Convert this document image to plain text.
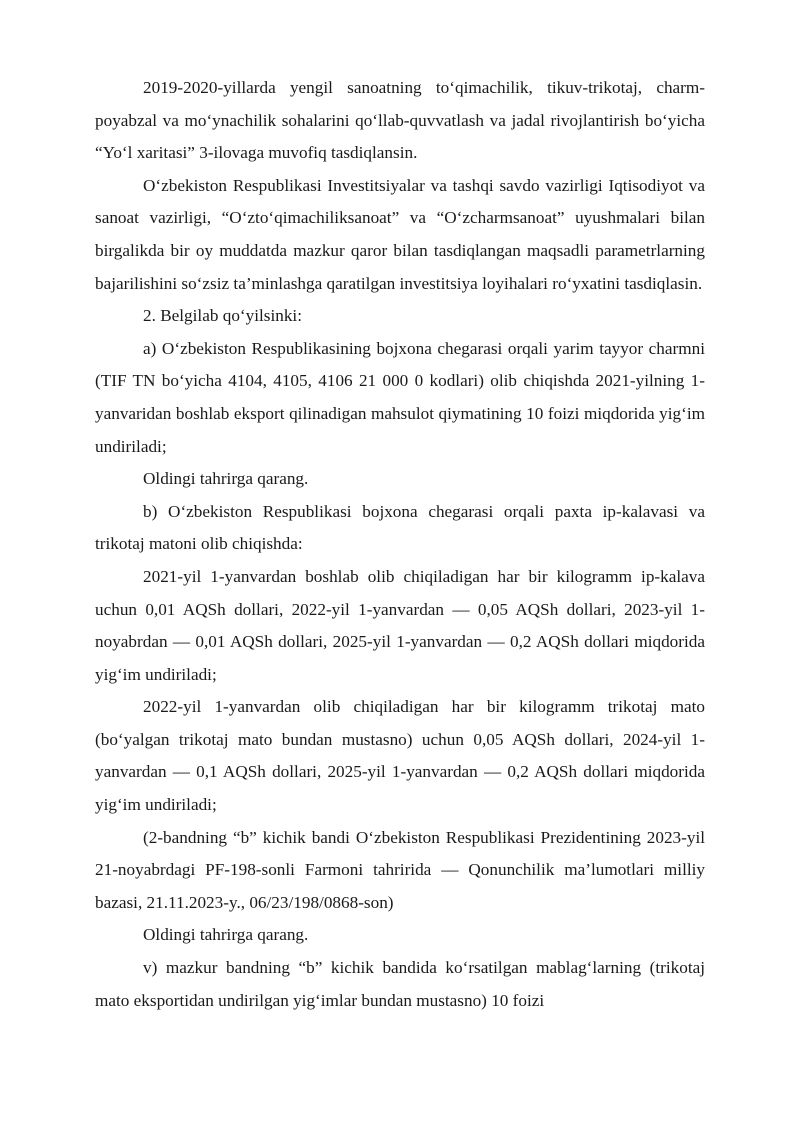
2019-2020-yillarda yengil sanoatning to‘qimachilik, tikuv-trikotaj, charm-poyabzal va mo‘ynachilik sohalarini qo‘llab-quvvatlash va jadal rivojlantirish bo‘yicha “Yo‘l xaritasi” 3-ilovaga muvofiq tasdiqlansin.

O‘zbekiston Respublikasi Investitsiyalar va tashqi savdo vazirligi Iqtisodiyot va sanoat vazirligi, “O‘zto‘qimachiliksanoat” va “O‘zcharmsanoat” uyushmalari bilan birgalikda bir oy muddatda mazkur qaror bilan tasdiqlangan maqsadli parametrlarning bajarilishini so‘zsiz ta’minlashga qaratilgan investitsiya loyihalari ro‘yxatini tasdiqlasin.

2. Belgilab qo‘yilsinki:

a) O‘zbekiston Respublikasining bojxona chegarasi orqali yarim tayyor charmni (TIF TN bo‘yicha 4104, 4105, 4106 21 000 0 kodlari) olib chiqishda 2021-yilning 1-yanvaridan boshlab eksport qilinadigan mahsulot qiymatining 10 foizi miqdorida yig‘im undiriladi;

Oldingi tahrirga qarang.

b) O‘zbekiston Respublikasi bojxona chegarasi orqali paxta ip-kalavasi va trikotaj matoni olib chiqishda:

2021-yil 1-yanvardan boshlab olib chiqiladigan har bir kilogramm ip-kalava uchun 0,01 AQSh dollari, 2022-yil 1-yanvardan — 0,05 AQSh dollari, 2023-yil 1-noyabrdan — 0,01 AQSh dollari, 2025-yil 1-yanvardan — 0,2 AQSh dollari miqdorida yig‘im undiriladi;

2022-yil 1-yanvardan olib chiqiladigan har bir kilogramm trikotaj mato (bo‘yalgan trikotaj mato bundan mustasno) uchun 0,05 AQSh dollari, 2024-yil 1-yanvardan — 0,1 AQSh dollari, 2025-yil 1-yanvardan — 0,2 AQSh dollari miqdorida yig‘im undiriladi;

(2-bandning “b” kichik bandi O‘zbekiston Respublikasi Prezidentining 2023-yil 21-noyabrdagi PF-198-sonli Farmoni tahririda — Qonunchilik ma’lumotlari milliy bazasi, 21.11.2023-y., 06/23/198/0868-son)

Oldingi tahrirga qarang.

v) mazkur bandning “b” kichik bandida ko‘rsatilgan mablag‘larning (trikotaj mato eksportidan undirilgan yig‘imlar bundan mustasno) 10 foizi
